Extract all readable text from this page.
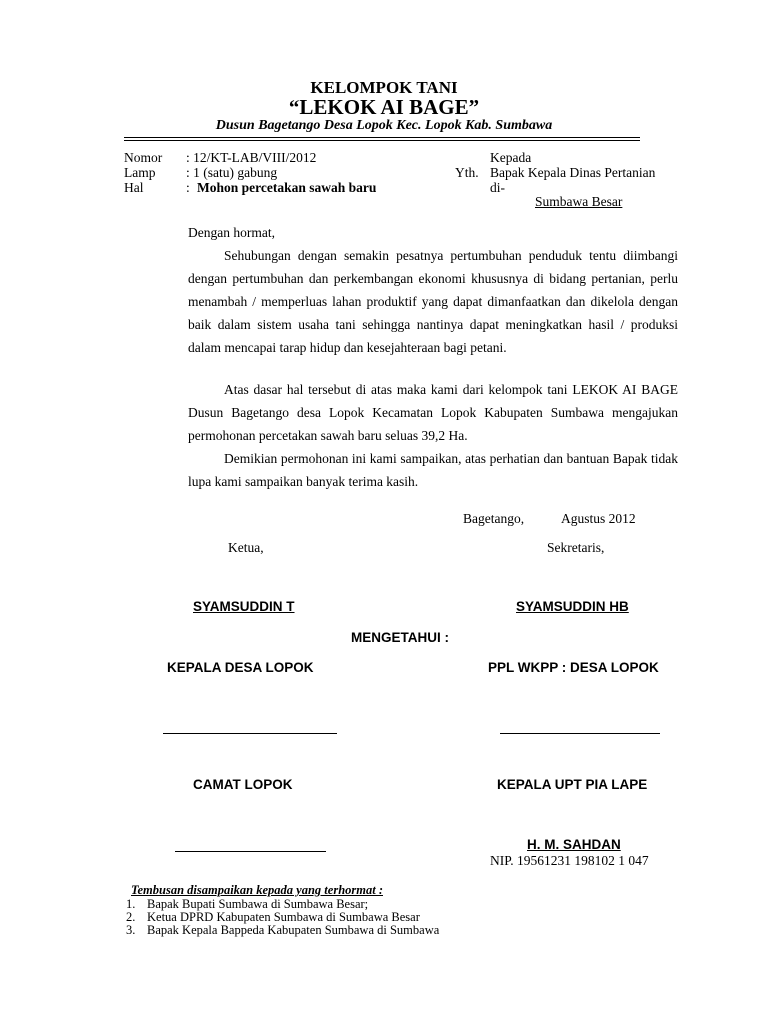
KELOMPOK TANI
“LEKOK AI BAGE”
Dusun Bagetango Desa Lopok Kec. Lopok Kab. Sumbawa
Nomor : 12/KT-LAB/VIII/2012
Lamp : 1 (satu) gabung
Hal	: Mohon percetakan sawah baru
Kepada
Yth. Bapak Kepala Dinas Pertanian
di-
Sumbawa Besar
Dengan hormat,
Sehubungan dengan semakin pesatnya pertumbuhan penduduk tentu diimbangi dengan pertumbuhan dan perkembangan ekonomi khususnya di bidang pertanian, perlu menambah / memperluas lahan produktif yang dapat dimanfaatkan dan dikelola dengan baik dalam sistem usaha tani sehingga nantinya dapat meningkatkan hasil / produksi dalam mencapai tarap hidup dan kesejahteraan bagi petani.
Atas dasar hal tersebut di atas maka kami dari kelompok tani LEKOK AI BAGE Dusun Bagetango desa Lopok Kecamatan Lopok Kabupaten Sumbawa mengajukan permohonan percetakan sawah baru seluas 39,2 Ha.
Demikian permohonan ini kami sampaikan, atas perhatian dan bantuan Bapak tidak lupa kami sampaikan banyak terima kasih.
Bagetango,	Agustus 2012
Ketua,	Sekretaris,
SYAMSUDDIN T	SYAMSUDDIN HB
MENGETAHUI :
KEPALA DESA LOPOK	PPL WKPP : DESA LOPOK
CAMAT LOPOK	KEPALA UPT PIA LAPE
H. M. SAHDAN
NIP. 19561231 198102 1 047
Tembusan disampaikan kepada yang terhormat :
1. Bapak Bupati Sumbawa di Sumbawa Besar;
2. Ketua DPRD Kabupaten Sumbawa di Sumbawa Besar
3. Bapak Kepala Bappeda Kabupaten Sumbawa di Sumbawa
